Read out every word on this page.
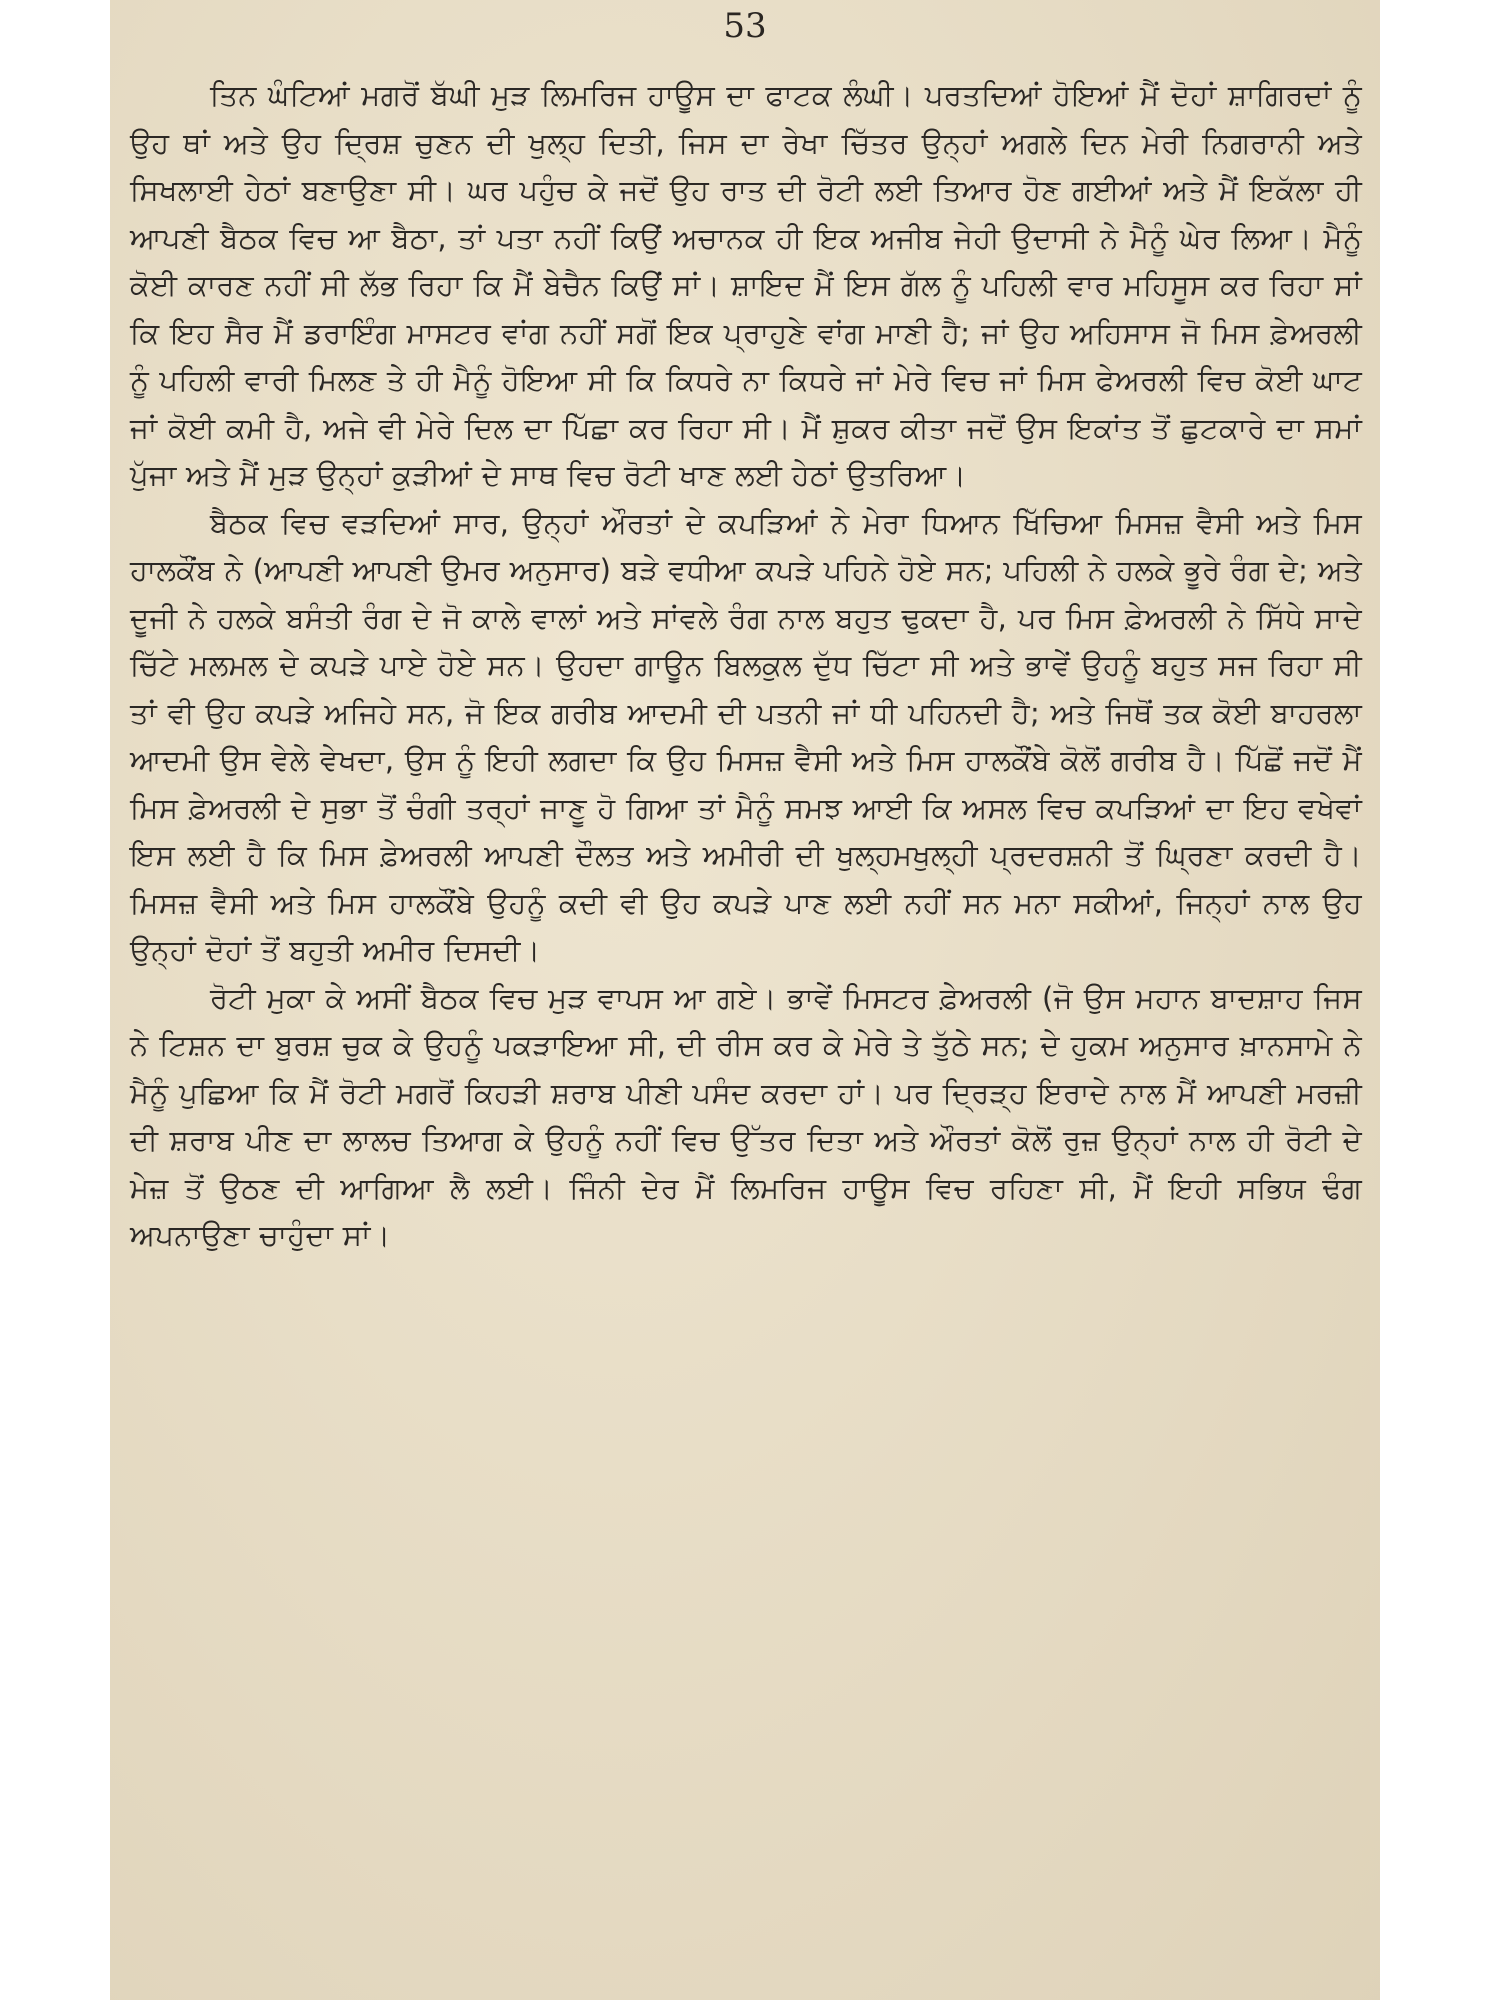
53

ਤਿਨ ਘੰਟਿਆਂ ਮਗਰੋਂ ਬੱਘੀ ਮੁੜ ਲਿਮਰਿਜ ਹਾਊਸ ਦਾ ਫਾਟਕ ਲੰਘੀ। ਪਰਤਦਿਆਂ ਹੋਇਆਂ ਮੈਂ ਦੋਹਾਂ ਸ਼ਾਗਿਰਦਾਂ ਨੂੰ ਉਹ ਥਾਂ ਅਤੇ ਉਹ ਦ੍ਰਿਸ਼ ਚੁਣਨ ਦੀ ਖੁਲ੍ਹ ਦਿਤੀ, ਜਿਸ ਦਾ ਰੇਖਾ ਚਿੱਤਰ ਉਨ੍ਹਾਂ ਅਗਲੇ ਦਿਨ ਮੇਰੀ ਨਿਗਰਾਨੀ ਅਤੇ ਸਿਖਲਾਈ ਹੇਠਾਂ ਬਣਾਉਣਾ ਸੀ। ਘਰ ਪਹੁੰਚ ਕੇ ਜਦੋਂ ਉਹ ਰਾਤ ਦੀ ਰੋਟੀ ਲਈ ਤਿਆਰ ਹੋਣ ਗਈਆਂ ਅਤੇ ਮੈਂ ਇਕੱਲਾ ਹੀ ਆਪਣੀ ਬੈਠਕ ਵਿਚ ਆ ਬੈਠਾ, ਤਾਂ ਪਤਾ ਨਹੀਂ ਕਿਉਂ ਅਚਾਨਕ ਹੀ ਇਕ ਅਜੀਬ ਜੇਹੀ ਉਦਾਸੀ ਨੇ ਮੈਨੂੰ ਘੇਰ ਲਿਆ। ਮੈਨੂੰ ਕੋਈ ਕਾਰਣ ਨਹੀਂ ਸੀ ਲੱਭ ਰਿਹਾ ਕਿ ਮੈਂ ਬੇਚੈਨ ਕਿਉਂ ਸਾਂ। ਸ਼ਾਇਦ ਮੈਂ ਇਸ ਗੱਲ ਨੂੰ ਪਹਿਲੀ ਵਾਰ ਮਹਿਸੂਸ ਕਰ ਰਿਹਾ ਸਾਂ ਕਿ ਇਹ ਸੈਰ ਮੈਂ ਡਰਾਇੰਗ ਮਾਸਟਰ ਵਾਂਗ ਨਹੀਂ ਸਗੋਂ ਇਕ ਪ੍ਰਾਹੁਣੇ ਵਾਂਗ ਮਾਣੀ ਹੈ; ਜਾਂ ਉਹ ਅਹਿਸਾਸ ਜੋ ਮਿਸ ਫ਼ੇਅਰਲੀ ਨੂੰ ਪਹਿਲੀ ਵਾਰੀ ਮਿਲਣ ਤੇ ਹੀ ਮੈਨੂੰ ਹੋਇਆ ਸੀ ਕਿ ਕਿਧਰੇ ਨਾ ਕਿਧਰੇ ਜਾਂ ਮੇਰੇ ਵਿਚ ਜਾਂ ਮਿਸ ਫੇਅਰਲੀ ਵਿਚ ਕੋਈ ਘਾਟ ਜਾਂ ਕੋਈ ਕਮੀ ਹੈ, ਅਜੇ ਵੀ ਮੇਰੇ ਦਿਲ ਦਾ ਪਿੱਛਾ ਕਰ ਰਿਹਾ ਸੀ। ਮੈਂ ਸ਼ੁਕਰ ਕੀਤਾ ਜਦੋਂ ਉਸ ਇਕਾਂਤ ਤੋਂ ਛੁਟਕਾਰੇ ਦਾ ਸਮਾਂ ਪੁੱਜਾ ਅਤੇ ਮੈਂ ਮੁੜ ਉਨ੍ਹਾਂ ਕੁੜੀਆਂ ਦੇ ਸਾਥ ਵਿਚ ਰੋਟੀ ਖਾਣ ਲਈ ਹੇਠਾਂ ਉਤਰਿਆ।

ਬੈਠਕ ਵਿਚ ਵੜਦਿਆਂ ਸਾਰ, ਉਨ੍ਹਾਂ ਔਰਤਾਂ ਦੇ ਕਪੜਿਆਂ ਨੇ ਮੇਰਾ ਧਿਆਨ ਖਿੱਚਿਆ ਮਿਸਜ਼ ਵੈਸੀ ਅਤੇ ਮਿਸ ਹਾਲਕੌਂਬ ਨੇ (ਆਪਣੀ ਆਪਣੀ ਉਮਰ ਅਨੁਸਾਰ) ਬੜੇ ਵਧੀਆ ਕਪੜੇ ਪਹਿਨੇ ਹੋਏ ਸਨ; ਪਹਿਲੀ ਨੇ ਹਲਕੇ ਭੂਰੇ ਰੰਗ ਦੇ; ਅਤੇ ਦੂਜੀ ਨੇ ਹਲਕੇ ਬਸੰਤੀ ਰੰਗ ਦੇ ਜੋ ਕਾਲੇ ਵਾਲਾਂ ਅਤੇ ਸਾਂਵਲੇ ਰੰਗ ਨਾਲ ਬਹੁਤ ਢੁਕਦਾ ਹੈ, ਪਰ ਮਿਸ ਫ਼ੇਅਰਲੀ ਨੇ ਸਿੱਧੇ ਸਾਦੇ ਚਿੱਟੇ ਮਲਮਲ ਦੇ ਕਪੜੇ ਪਾਏ ਹੋਏ ਸਨ। ਉਹਦਾ ਗਾਊਨ ਬਿਲਕੁਲ ਦੁੱਧ ਚਿੱਟਾ ਸੀ ਅਤੇ ਭਾਵੇਂ ਉਹਨੂੰ ਬਹੁਤ ਸਜ ਰਿਹਾ ਸੀ ਤਾਂ ਵੀ ਉਹ ਕਪੜੇ ਅਜਿਹੇ ਸਨ, ਜੋ ਇਕ ਗਰੀਬ ਆਦਮੀ ਦੀ ਪਤਨੀ ਜਾਂ ਧੀ ਪਹਿਨਦੀ ਹੈ; ਅਤੇ ਜਿਥੋਂ ਤਕ ਕੋਈ ਬਾਹਰਲਾ ਆਦਮੀ ਉਸ ਵੇਲੇ ਵੇਖਦਾ, ਉਸ ਨੂੰ ਇਹੀ ਲਗਦਾ ਕਿ ਉਹ ਮਿਸਜ਼ ਵੈਸੀ ਅਤੇ ਮਿਸ ਹਾਲਕੌਂਬੇ ਕੋਲੋਂ ਗਰੀਬ ਹੈ। ਪਿੱਛੋਂ ਜਦੋਂ ਮੈਂ ਮਿਸ ਫ਼ੇਅਰਲੀ ਦੇ ਸੁਭਾ ਤੋਂ ਚੰਗੀ ਤਰ੍ਹਾਂ ਜਾਣੂ ਹੋ ਗਿਆ ਤਾਂ ਮੈਨੂੰ ਸਮਝ ਆਈ ਕਿ ਅਸਲ ਵਿਚ ਕਪੜਿਆਂ ਦਾ ਇਹ ਵਖੇਵਾਂ ਇਸ ਲਈ ਹੈ ਕਿ ਮਿਸ ਫ਼ੇਅਰਲੀ ਆਪਣੀ ਦੌਲਤ ਅਤੇ ਅਮੀਰੀ ਦੀ ਖੁਲ੍ਹਮਖੁਲ੍ਹੀ ਪ੍ਰਦਰਸ਼ਨੀ ਤੋਂ ਘ੍ਰਿਣਾ ਕਰਦੀ ਹੈ। ਮਿਸਜ਼ ਵੈਸੀ ਅਤੇ ਮਿਸ ਹਾਲਕੌਂਬੇ ਉਹਨੂੰ ਕਦੀ ਵੀ ਉਹ ਕਪੜੇ ਪਾਣ ਲਈ ਨਹੀਂ ਸਨ ਮਨਾ ਸਕੀਆਂ, ਜਿਨ੍ਹਾਂ ਨਾਲ ਉਹ ਉਨ੍ਹਾਂ ਦੋਹਾਂ ਤੋਂ ਬਹੁਤੀ ਅਮੀਰ ਦਿਸਦੀ।

ਰੋਟੀ ਮੁਕਾ ਕੇ ਅਸੀਂ ਬੈਠਕ ਵਿਚ ਮੁੜ ਵਾਪਸ ਆ ਗਏ। ਭਾਵੇਂ ਮਿਸਟਰ ਫ਼ੇਅਰਲੀ (ਜੋ ਉਸ ਮਹਾਨ ਬਾਦਸ਼ਾਹ ਜਿਸ ਨੇ ਟਿਸ਼ਨ ਦਾ ਬੁਰਸ਼ ਚੁਕ ਕੇ ਉਹਨੂੰ ਪਕੜਾਇਆ ਸੀ, ਦੀ ਰੀਸ ਕਰ ਕੇ ਮੇਰੇ ਤੇ ਤੁੱਠੇ ਸਨ; ਦੇ ਹੁਕਮ ਅਨੁਸਾਰ ਖ਼ਾਨਸਾਮੇ ਨੇ ਮੈਨੂੰ ਪੁਛਿਆ ਕਿ ਮੈਂ ਰੋਟੀ ਮਗਰੋਂ ਕਿਹੜੀ ਸ਼ਰਾਬ ਪੀਣੀ ਪਸੰਦ ਕਰਦਾ ਹਾਂ। ਪਰ ਦ੍ਰਿੜ੍ਹ ਇਰਾਦੇ ਨਾਲ ਮੈਂ ਆਪਣੀ ਮਰਜ਼ੀ ਦੀ ਸ਼ਰਾਬ ਪੀਣ ਦਾ ਲਾਲਚ ਤਿਆਗ ਕੇ ਉਹਨੂੰ ਨਹੀਂ ਵਿਚ ਉੱਤਰ ਦਿਤਾ ਅਤੇ ਔਰਤਾਂ ਕੋਲੋਂ ਰੁਜ਼ ਉਨ੍ਹਾਂ ਨਾਲ ਹੀ ਰੋਟੀ ਦੇ ਮੇਜ਼ ਤੋਂ ਉਠਣ ਦੀ ਆਗਿਆ ਲੈ ਲਈ। ਜਿੰਨੀ ਦੇਰ ਮੈਂ ਲਿਮਰਿਜ ਹਾਊਸ ਵਿਚ ਰਹਿਣਾ ਸੀ, ਮੈਂ ਇਹੀ ਸਭਿਯ ਢੰਗ ਅਪਨਾਉਣਾ ਚਾਹੁੰਦਾ ਸਾਂ।
